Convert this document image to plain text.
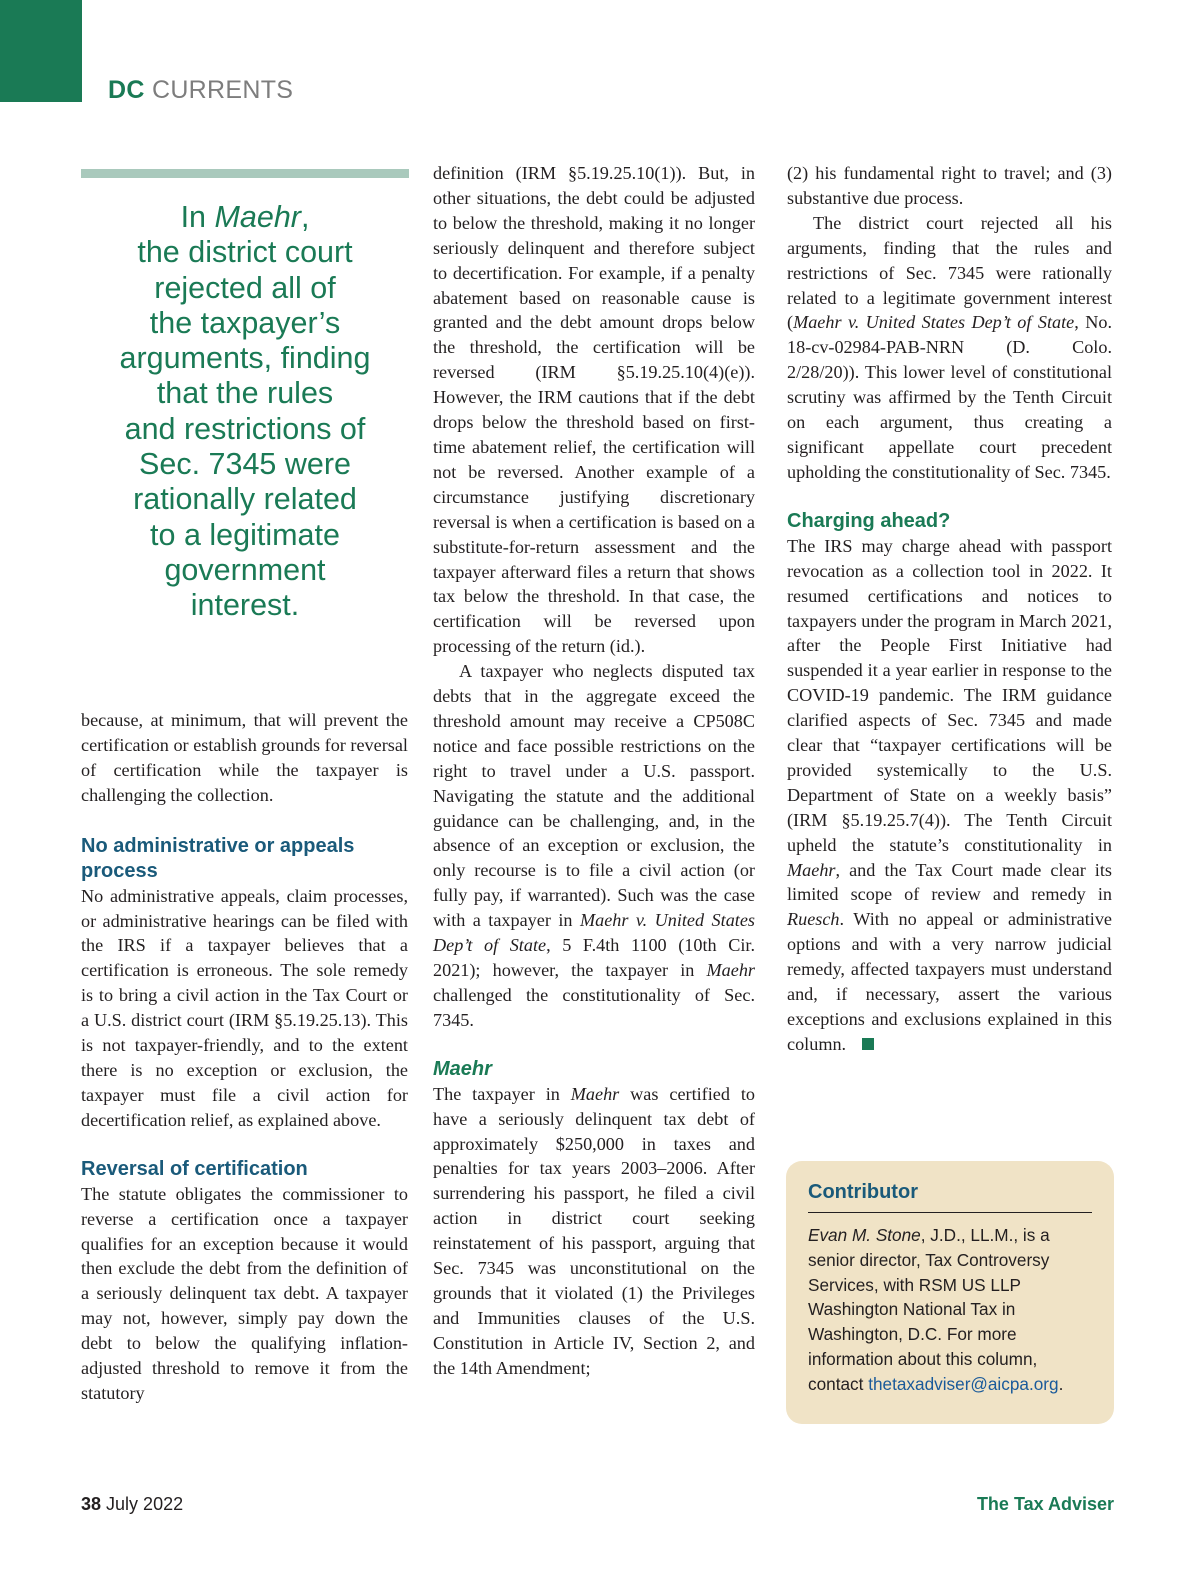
DC CURRENTS
In Maehr,
the district court
rejected all of
the taxpayer’s
arguments, finding
that the rules
and restrictions of
Sec. 7345 were
rationally related
to a legitimate
government
interest.

because, at minimum, that will prevent the certification or establish grounds for reversal of certification while the taxpayer is challenging the collection.

No administrative or appeals
process

No administrative appeals, claim processes, or administrative hearings can be filed with the IRS if a taxpayer believes that a certification is erroneous. The sole remedy is to bring a civil action in the Tax Court or a U.S. district court (IRM §5.19.25.13). This is not taxpayer-friendly, and to the extent there is no exception or exclusion, the taxpayer must file a civil action for decertification relief, as explained above.

Reversal of certification

The statute obligates the commissioner to reverse a certification once a taxpayer qualifies for an exception because it would then exclude the debt from the definition of a seriously delinquent tax debt. A taxpayer may not, however, simply pay down the debt to below the qualifying inflation-adjusted threshold to remove it from the statutory

definition (IRM §5.19.25.10(1)). But, in other situations, the debt could be adjusted to below the threshold, making it no longer seriously delinquent and therefore subject to decertification. For example, if a penalty abatement based on reasonable cause is granted and the debt amount drops below the threshold, the certification will be reversed (IRM §5.19.25.10(4)(e)). However, the IRM cautions that if the debt drops below the threshold based on first-time abatement relief, the certification will not be reversed. Another example of a circumstance justifying discretionary reversal is when a certification is based on a substitute-for-return assessment and the taxpayer afterward files a return that shows tax below the threshold. In that case, the certification will be reversed upon processing of the return (id.).

A taxpayer who neglects disputed tax debts that in the aggregate exceed the threshold amount may receive a CP508C notice and face possible restrictions on the right to travel under a U.S. passport. Navigating the statute and the additional guidance can be challenging, and, in the absence of an exception or exclusion, the only recourse is to file a civil action (or fully pay, if warranted). Such was the case with a taxpayer in Maehr v. United States Dep’t of State, 5 F.4th 1100 (10th Cir. 2021); however, the taxpayer in Maehr challenged the constitutionality of Sec. 7345.

Maehr

The taxpayer in Maehr was certified to have a seriously delinquent tax debt of approximately $250,000 in taxes and penalties for tax years 2003–2006. After surrendering his passport, he filed a civil action in district court seeking reinstatement of his passport, arguing that Sec. 7345 was unconstitutional on the grounds that it violated (1) the Privileges and Immunities clauses of the U.S. Constitution in Article IV, Section 2, and the 14th Amendment;

(2) his fundamental right to travel; and (3) substantive due process.

The district court rejected all his arguments, finding that the rules and restrictions of Sec. 7345 were rationally related to a legitimate government interest (Maehr v. United States Dep’t of State, No. 18-cv-02984-PAB-NRN (D. Colo. 2/28/20)). This lower level of constitutional scrutiny was affirmed by the Tenth Circuit on each argument, thus creating a significant appellate court precedent upholding the constitutionality of Sec. 7345.

Charging ahead?

The IRS may charge ahead with passport revocation as a collection tool in 2022. It resumed certifications and notices to taxpayers under the program in March 2021, after the People First Initiative had suspended it a year earlier in response to the COVID-19 pandemic. The IRM guidance clarified aspects of Sec. 7345 and made clear that “taxpayer certifications will be provided systemically to the U.S. Department of State on a weekly basis” (IRM §5.19.25.7(4)). The Tenth Circuit upheld the statute’s constitutionality in Maehr, and the Tax Court made clear its limited scope of review and remedy in Ruesch. With no appeal or administrative options and with a very narrow judicial remedy, affected taxpayers must understand and, if necessary, assert the various exceptions and exclusions explained in this column.

Contributor
Evan M. Stone, J.D., LL.M., is a senior director, Tax Controversy Services, with RSM US LLP Washington National Tax in Washington, D.C. For more information about this column, contact thetaxadviser@aicpa.org.
38 July 2022	The Tax Adviser
